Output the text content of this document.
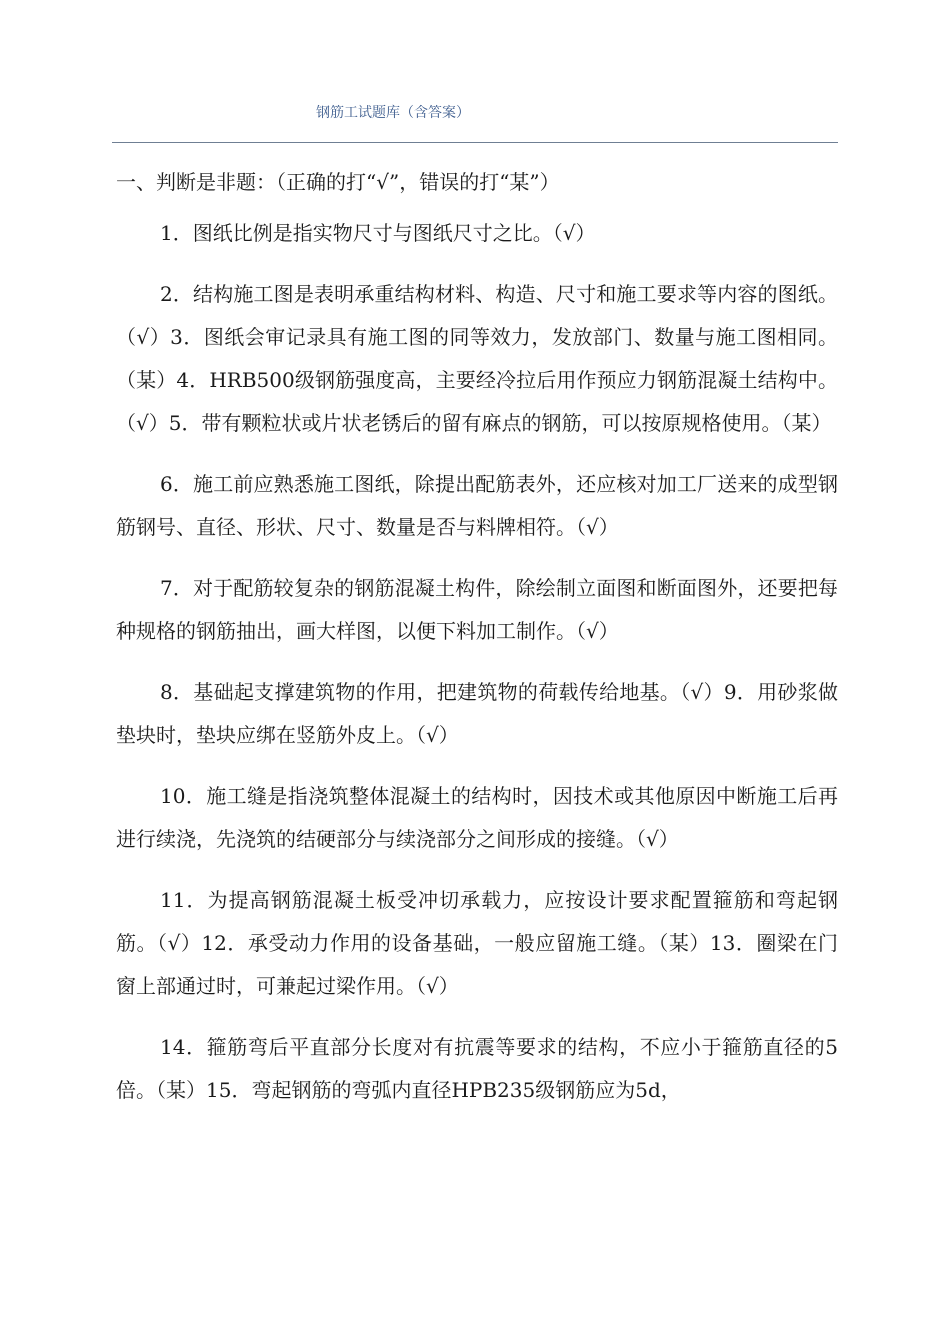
钢筋工试题库（含答案）

一、判断是非题：（正确的打“√”，错误的打“某”）

1．图纸比例是指实物尺寸与图纸尺寸之比。（√）

2．结构施工图是表明承重结构材料、构造、尺寸和施工要求等内容的图纸。（√）3．图纸会审记录具有施工图的同等效力，发放部门、数量与施工图相同。（某）4．HRB500级钢筋强度高，主要经冷拉后用作预应力钢筋混凝土结构中。（√）5．带有颗粒状或片状老锈后的留有麻点的钢筋，可以按原规格使用。（某）

6．施工前应熟悉施工图纸，除提出配筋表外，还应核对加工厂送来的成型钢筋钢号、直径、形状、尺寸、数量是否与料牌相符。（√）

7．对于配筋较复杂的钢筋混凝土构件，除绘制立面图和断面图外，还要把每种规格的钢筋抽出，画大样图，以便下料加工制作。（√）

8．基础起支撑建筑物的作用，把建筑物的荷载传给地基。（√）9．用砂浆做垫块时，垫块应绑在竖筋外皮上。（√）

10．施工缝是指浇筑整体混凝土的结构时，因技术或其他原因中断施工后再进行续浇，先浇筑的结硬部分与续浇部分之间形成的接缝。（√）

11．为提高钢筋混凝土板受冲切承载力，应按设计要求配置箍筋和弯起钢筋。（√）12．承受动力作用的设备基础，一般应留施工缝。（某）13．圈梁在门窗上部通过时，可兼起过梁作用。（√）

14．箍筋弯后平直部分长度对有抗震等要求的结构，不应小于箍筋直径的5倍。（某）15．弯起钢筋的弯弧内直径HPB235级钢筋应为5d，
